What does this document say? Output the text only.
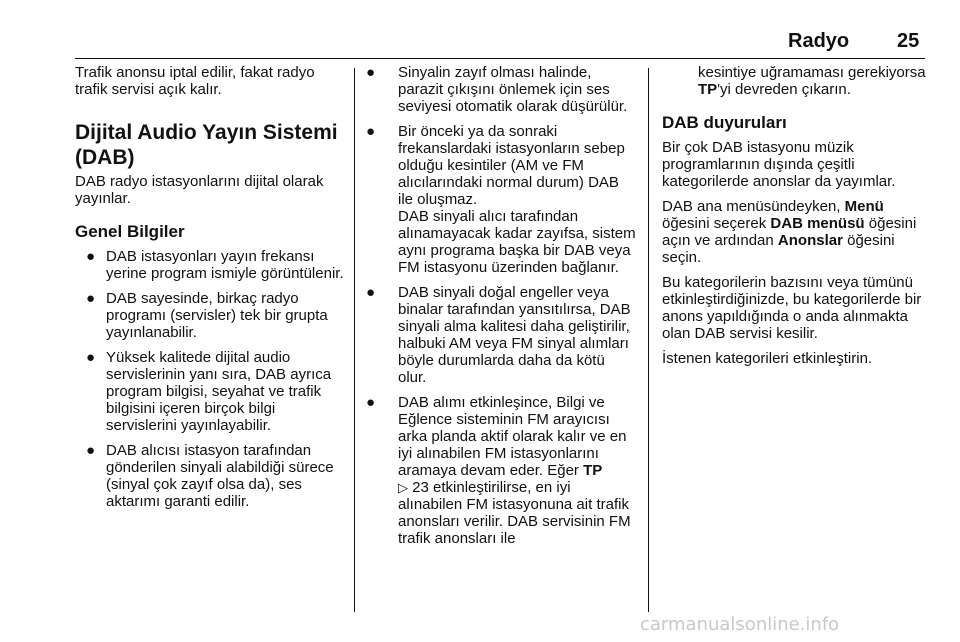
Radyo 25

Trafik anonsu iptal edilir, fakat radyo trafik servisi açık kalır.

Dijital Audio Yayın Sistemi (DAB)

DAB radyo istasyonlarını dijital olarak yayınlar.

Genel Bilgiler
● DAB istasyonları yayın frekansı yerine program ismiyle görüntülenir.
● DAB sayesinde, birkaç radyo programı (servisler) tek bir grupta yayınlanabilir.
● Yüksek kalitede dijital audio servislerinin yanı sıra, DAB ayrıca program bilgisi, seyahat ve trafik bilgisini içeren birçok bilgi servislerini yayınlayabilir.
● DAB alıcısı istasyon tarafından gönderilen sinyali alabildiği sürece (sinyal çok zayıf olsa da), ses aktarımı garanti edilir.
● Sinyalin zayıf olması halinde, parazit çıkışını önlemek için ses seviyesi otomatik olarak düşürülür.
● Bir önceki ya da sonraki frekanslardaki istasyonların sebep olduğu kesintiler (AM ve FM alıcılarındaki normal durum) DAB ile oluşmaz.

DAB sinyali alıcı tarafından alınamayacak kadar zayıfsa, sistem aynı programa başka bir DAB veya FM istasyonu üzerinden bağlanır.

● DAB sinyali doğal engeller veya binalar tarafından yansıtılırsa, DAB sinyali alma kalitesi daha geliştirilir, halbuki AM veya FM sinyal alımları böyle durumlarda daha da kötü olur.
● DAB alımı etkinleşince, Bilgi ve Eğlence sisteminin FM arayıcısı arka planda aktif olarak kalır ve en iyi alınabilen FM istasyonlarını aramaya devam eder. Eğer TP
▷ 23 etkinleştirilirse, en iyi alınabilen FM istasyonuna ait trafik anonsları verilir. DAB servisinin FM trafik anonsları ile

kesintiye uğramaması gerekiyorsa TP'yi devreden çıkarın.

DAB duyuruları

Bir çok DAB istasyonu müzik programlarının dışında çeşitli kategorilerde anonslar da yayımlar.

DAB ana menüsündeyken, Menü öğesini seçerek DAB menüsü öğesini açın ve ardından Anonslar öğesini seçin.

Bu kategorilerin bazısını veya tümünü etkinleştirdiğinizde, bu kategorilerde bir anons yapıldığında o anda alınmakta olan DAB servisi kesilir.

İstenen kategorileri etkinleştirin.

carmanualsonline.info
